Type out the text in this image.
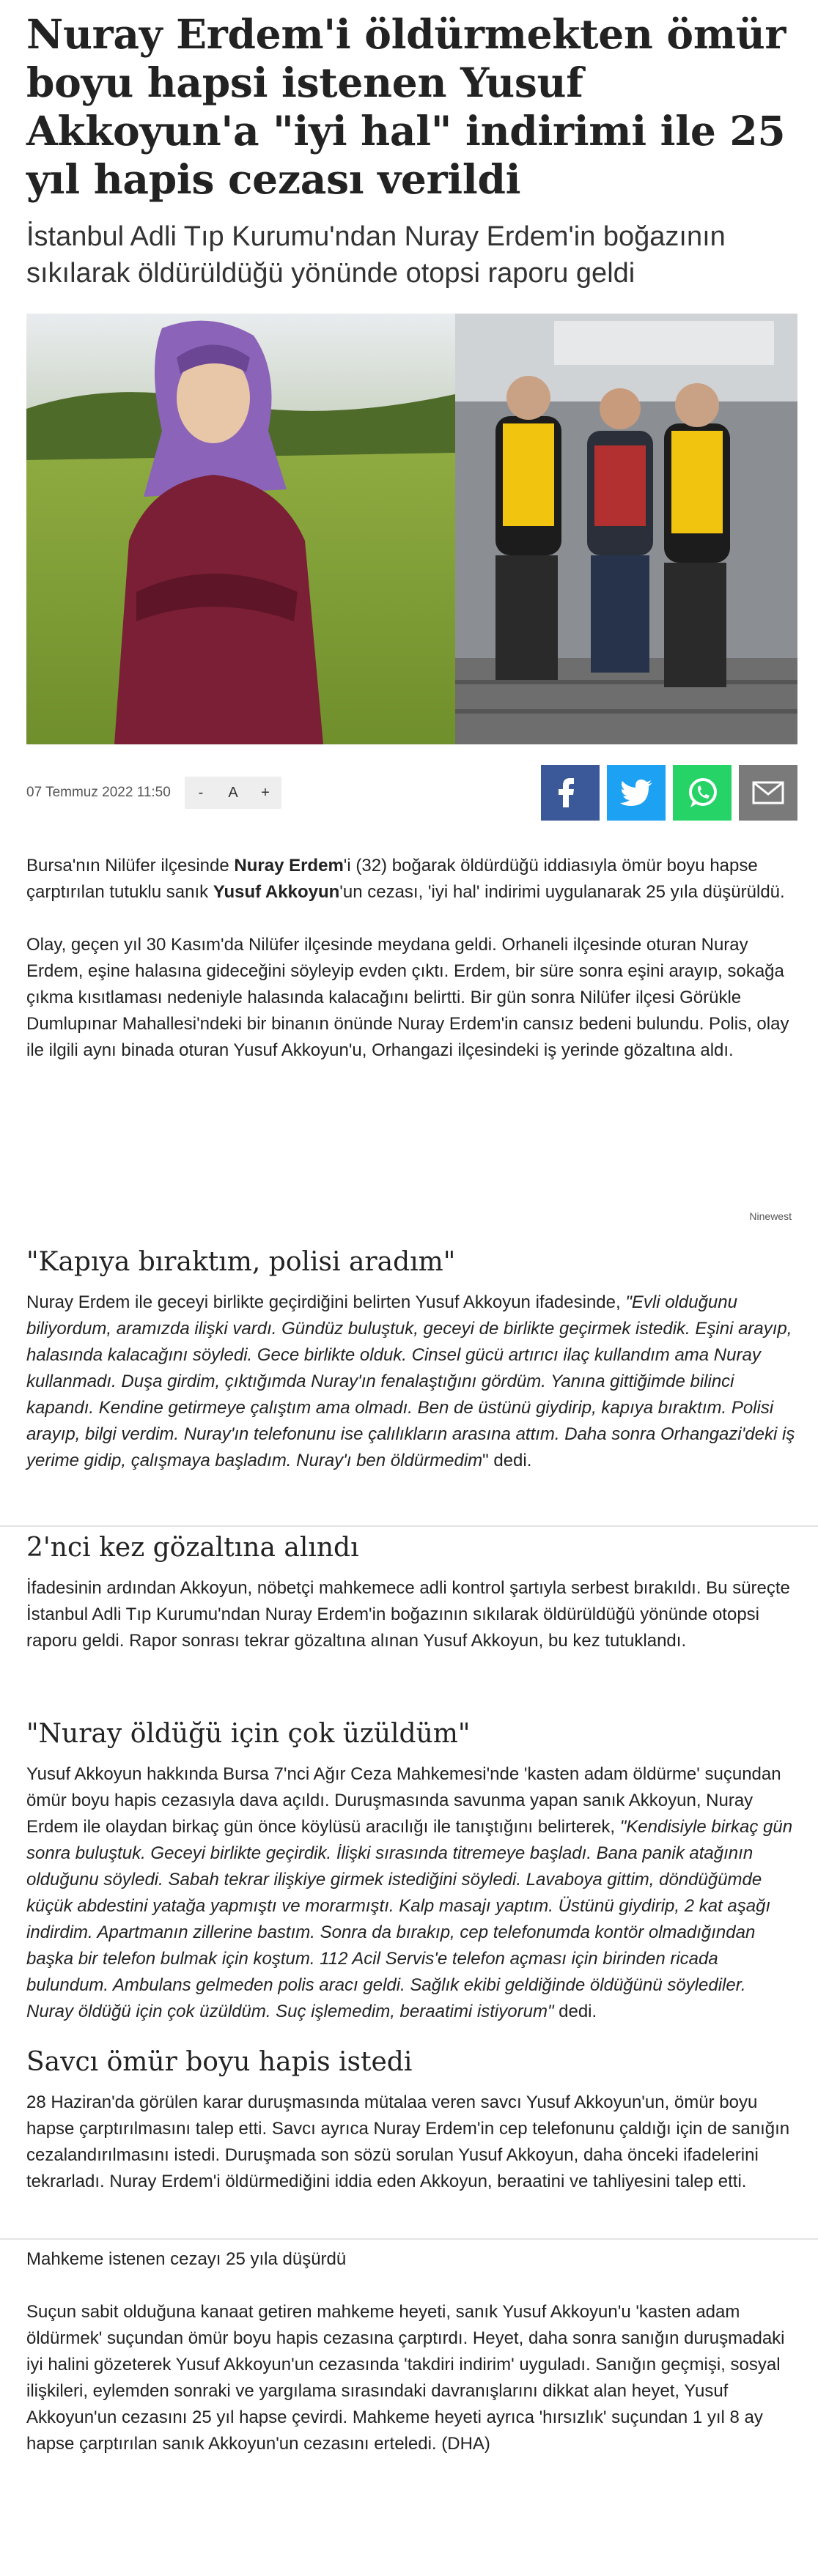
Nuray Erdem'i öldürmekten ömür boyu hapsi istenen Yusuf Akkoyun'a "iyi hal" indirimi ile 25 yıl hapis cezası verildi

İstanbul Adli Tıp Kurumu'ndan Nuray Erdem'in boğazının sıkılarak öldürüldüğü yönünde otopsi raporu geldi

07 Temmuz 2022 11:50	-	A	+

Bursa'nın Nilüfer ilçesinde Nuray Erdem'i (32) boğarak öldürdüğü iddiasıyla ömür boyu hapse çarptırılan tutuklu sanık Yusuf Akkoyun'un cezası, 'iyi hal' indirimi uygulanarak 25 yıla düşürüldü.

Olay, geçen yıl 30 Kasım'da Nilüfer ilçesinde meydana geldi. Orhaneli ilçesinde oturan Nuray Erdem, eşine halasına gideceğini söyleyip evden çıktı. Erdem, bir süre sonra eşini arayıp, sokağa çıkma kısıtlaması nedeniyle halasında kalacağını belirtti. Bir gün sonra Nilüfer ilçesi Görükle Dumlupınar Mahallesi'ndeki bir binanın önünde Nuray Erdem'in cansız bedeni bulundu. Polis, olay ile ilgili aynı binada oturan Yusuf Akkoyun'u, Orhangazi ilçesindeki iş yerinde gözaltına aldı.

Ninewest
"Kapıya bıraktım, polisi aradım"

Nuray Erdem ile geceyi birlikte geçirdiğini belirten Yusuf Akkoyun ifadesinde, "Evli olduğunu biliyordum, aramızda ilişki vardı. Gündüz buluştuk, geceyi de birlikte geçirmek istedik. Eşini arayıp, halasında kalacağını söyledi. Gece birlikte olduk. Cinsel gücü artırıcı ilaç kullandım ama Nuray kullanmadı. Duşa girdim, çıktığımda Nuray'ın fenalaştığını gördüm. Yanına gittiğimde bilinci kapandı. Kendine getirmeye çalıştım ama olmadı. Ben de üstünü giydirip, kapıya bıraktım. Polisi arayıp, bilgi verdim. Nuray'ın telefonunu ise çalılıkların arasına attım. Daha sonra Orhangazi'deki iş yerime gidip, çalışmaya başladım. Nuray'ı ben öldürmedim" dedi.

2'nci kez gözaltına alındı

İfadesinin ardından Akkoyun, nöbetçi mahkemece adli kontrol şartıyla serbest bırakıldı. Bu süreçte İstanbul Adli Tıp Kurumu'ndan Nuray Erdem'in boğazının sıkılarak öldürüldüğü yönünde otopsi raporu geldi. Rapor sonrası tekrar gözaltına alınan Yusuf Akkoyun, bu kez tutuklandı.

"Nuray öldüğü için çok üzüldüm"

Yusuf Akkoyun hakkında Bursa 7'nci Ağır Ceza Mahkemesi'nde 'kasten adam öldürme' suçundan ömür boyu hapis cezasıyla dava açıldı. Duruşmasında savunma yapan sanık Akkoyun, Nuray Erdem ile olaydan birkaç gün önce köylüsü aracılığı ile tanıştığını belirterek, "Kendisiyle birkaç gün sonra buluştuk. Geceyi birlikte geçirdik. İlişki sırasında titremeye başladı. Bana panik atağının olduğunu söyledi. Sabah tekrar ilişkiye girmek istediğini söyledi. Lavaboya gittim, döndüğümde küçük abdestini yatağa yapmıştı ve morarmıştı. Kalp masajı yaptım. Üstünü giydirip, 2 kat aşağı indirdim. Apartmanın zillerine bastım. Sonra da bırakıp, cep telefonumda kontör olmadığından başka bir telefon bulmak için koştum. 112 Acil Servis'e telefon açması için birinden ricada bulundum. Ambulans gelmeden polis aracı geldi. Sağlık ekibi geldiğinde öldüğünü söylediler. Nuray öldüğü için çok üzüldüm. Suç işlemedim, beraatimi istiyorum" dedi.

Savcı ömür boyu hapis istedi

28 Haziran'da görülen karar duruşmasında mütalaa veren savcı Yusuf Akkoyun'un, ömür boyu hapse çarptırılmasını talep etti. Savcı ayrıca Nuray Erdem'in cep telefonunu çaldığı için de sanığın cezalandırılmasını istedi. Duruşmada son sözü sorulan Yusuf Akkoyun, daha önceki ifadelerini tekrarladı. Nuray Erdem'i öldürmediğini iddia eden Akkoyun, beraatini ve tahliyesini talep etti.

Mahkeme istenen cezayı 25 yıla düşürdü

Suçun sabit olduğuna kanaat getiren mahkeme heyeti, sanık Yusuf Akkoyun'u 'kasten adam öldürmek' suçundan ömür boyu hapis cezasına çarptırdı. Heyet, daha sonra sanığın duruşmadaki iyi halini gözeterek Yusuf Akkoyun'un cezasında 'takdiri indirim' uyguladı. Sanığın geçmişi, sosyal ilişkileri, eylemden sonraki ve yargılama sırasındaki davranışlarını dikkat alan heyet, Yusuf Akkoyun'un cezasını 25 yıl hapse çevirdi. Mahkeme heyeti ayrıca 'hırsızlık' suçundan 1 yıl 8 ay hapse çarptırılan sanık Akkoyun'un cezasını erteledi. (DHA)
